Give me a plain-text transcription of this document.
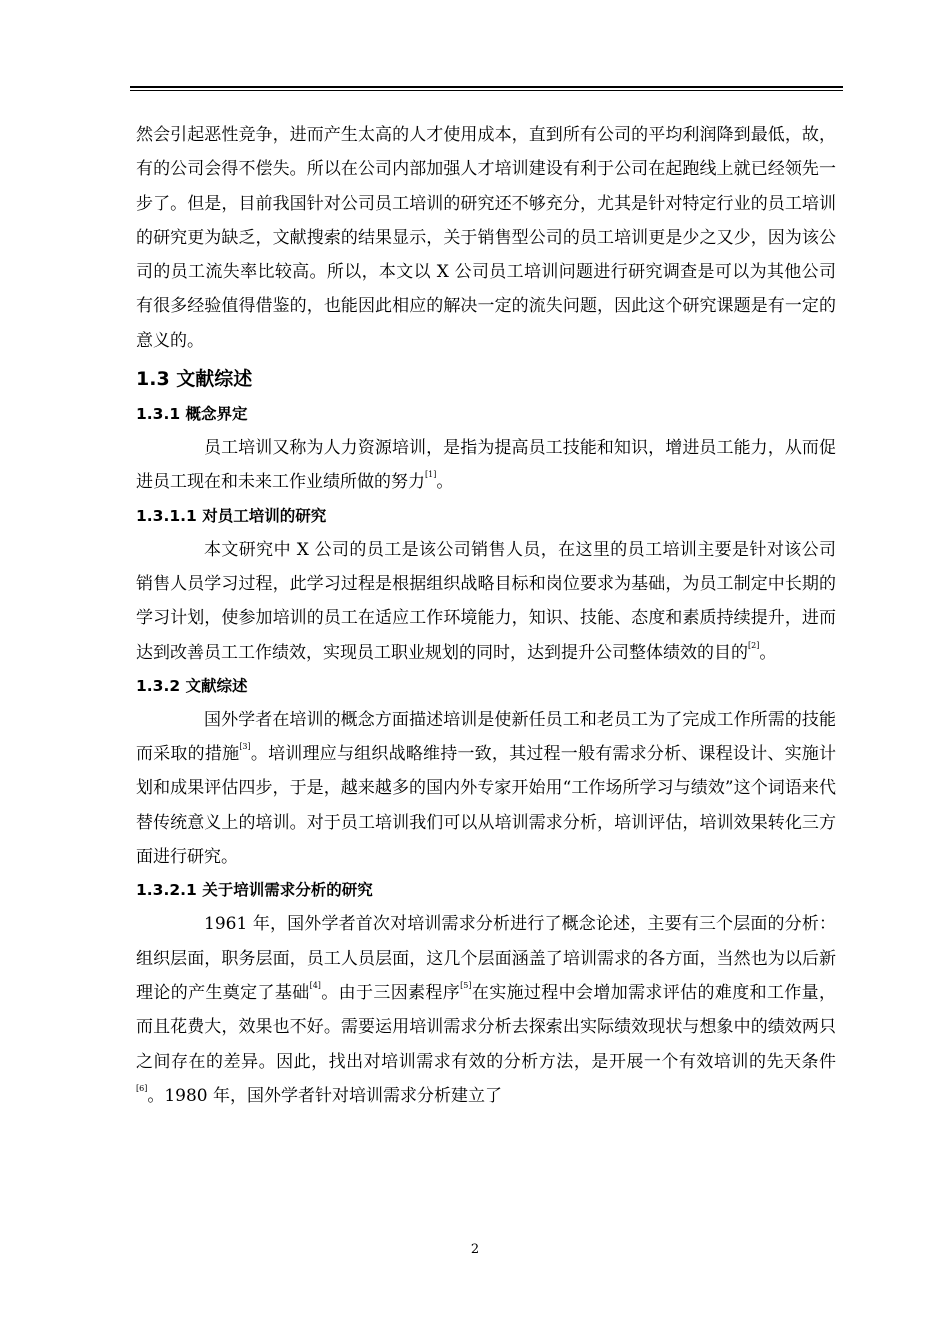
然会引起恶性竞争，进而产生太高的人才使用成本，直到所有公司的平均利润降到最低，故，有的公司会得不偿失。所以在公司内部加强人才培训建设有利于公司在起跑线上就已经领先一步了。但是，目前我国针对公司员工培训的研究还不够充分，尤其是针对特定行业的员工培训的研究更为缺乏，文献搜索的结果显示，关于销售型公司的员工培训更是少之又少，因为该公司的员工流失率比较高。所以，本文以 X 公司员工培训问题进行研究调查是可以为其他公司有很多经验值得借鉴的，也能因此相应的解决一定的流失问题，因此这个研究课题是有一定的意义的。

1.3 文献综述
1.3.1 概念界定

员工培训又称为人力资源培训，是指为提高员工技能和知识，增进员工能力，从而促进员工现在和未来工作业绩所做的努力[1]。

1.3.1.1 对员工培训的研究

本文研究中 X 公司的员工是该公司销售人员，在这里的员工培训主要是针对该公司销售人员学习过程，此学习过程是根据组织战略目标和岗位要求为基础，为员工制定中长期的学习计划，使参加培训的员工在适应工作环境能力，知识、技能、态度和素质持续提升，进而达到改善员工工作绩效，实现员工职业规划的同时，达到提升公司整体绩效的目的[2]。

1.3.2 文献综述

国外学者在培训的概念方面描述培训是使新任员工和老员工为了完成工作所需的技能而采取的措施[3]。培训理应与组织战略维持一致，其过程一般有需求分析、课程设计、实施计划和成果评估四步，于是，越来越多的国内外专家开始用“工作场所学习与绩效”这个词语来代替传统意义上的培训。对于员工培训我们可以从培训需求分析，培训评估，培训效果转化三方面进行研究。

1.3.2.1 关于培训需求分析的研究

1961 年，国外学者首次对培训需求分析进行了概念论述，主要有三个层面的分析：组织层面，职务层面，员工人员层面，这几个层面涵盖了培训需求的各方面，当然也为以后新理论的产生奠定了基础[4]。由于三因素程序[5]在实施过程中会增加需求评估的难度和工作量，而且花费大，效果也不好。需要运用培训需求分析去探索出实际绩效现状与想象中的绩效两只之间存在的差异。因此，找出对培训需求有效的分析方法，是开展一个有效培训的先天条件[6]。1980 年，国外学者针对培训需求分析建立了

2
